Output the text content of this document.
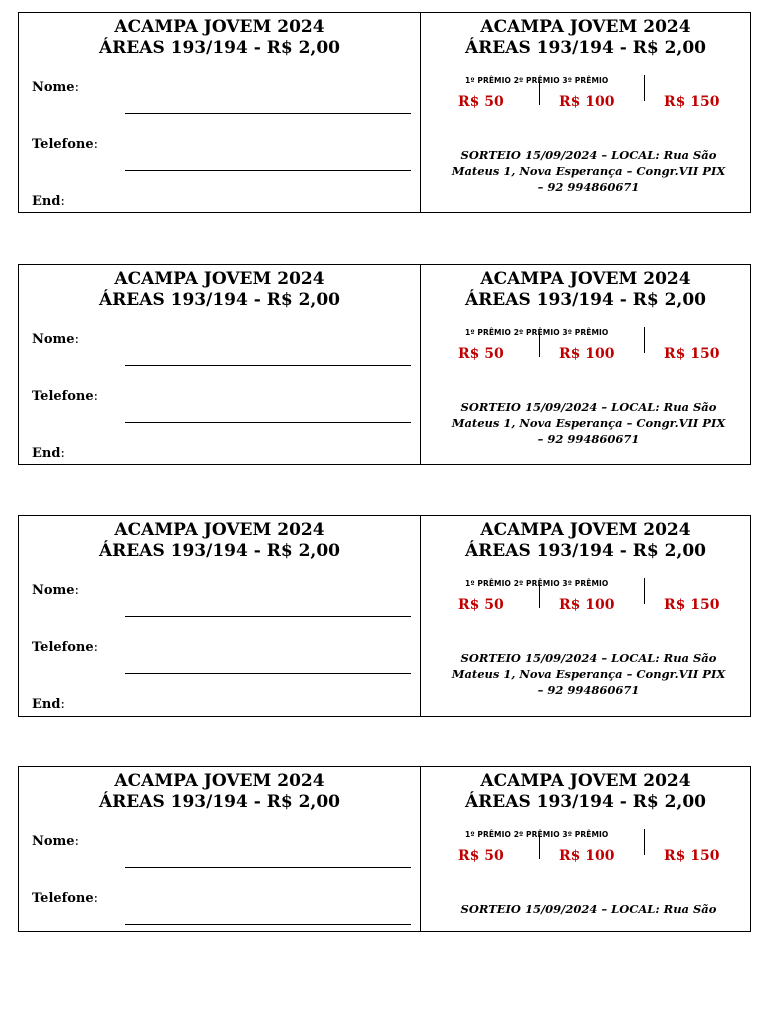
ACAMPA JOVEM 2024
ÁREAS 193/194 - R$ 2,00
Nome:
Telefone:
End:
ACAMPA JOVEM 2024
ÁREAS 193/194 - R$ 2,00
1º PRÊMIO 2º PRÊMIO 3º PRÊMIO
R$ 50	R$ 100	R$ 150
SORTEIO 15/09/2024 – LOCAL: Rua São
Mateus 1, Nova Esperança – Congr.VII PIX
– 92 994860671
ACAMPA JOVEM 2024
ÁREAS 193/194 - R$ 2,00
Nome:
Telefone:
End:
ACAMPA JOVEM 2024
ÁREAS 193/194 - R$ 2,00
1º PRÊMIO 2º PRÊMIO 3º PRÊMIO
R$ 50	R$ 100	R$ 150
SORTEIO 15/09/2024 – LOCAL: Rua São
Mateus 1, Nova Esperança – Congr.VII PIX
– 92 994860671
ACAMPA JOVEM 2024
ÁREAS 193/194 - R$ 2,00
Nome:
Telefone:
End:
ACAMPA JOVEM 2024
ÁREAS 193/194 - R$ 2,00
1º PRÊMIO 2º PRÊMIO 3º PRÊMIO
R$ 50	R$ 100	R$ 150
SORTEIO 15/09/2024 – LOCAL: Rua São
Mateus 1, Nova Esperança – Congr.VII PIX
– 92 994860671
ACAMPA JOVEM 2024
ÁREAS 193/194 - R$ 2,00
Nome:
Telefone:
ACAMPA JOVEM 2024
ÁREAS 193/194 - R$ 2,00
1º PRÊMIO 2º PRÊMIO 3º PRÊMIO
R$ 50	R$ 100	R$ 150
SORTEIO 15/09/2024 – LOCAL: Rua São
